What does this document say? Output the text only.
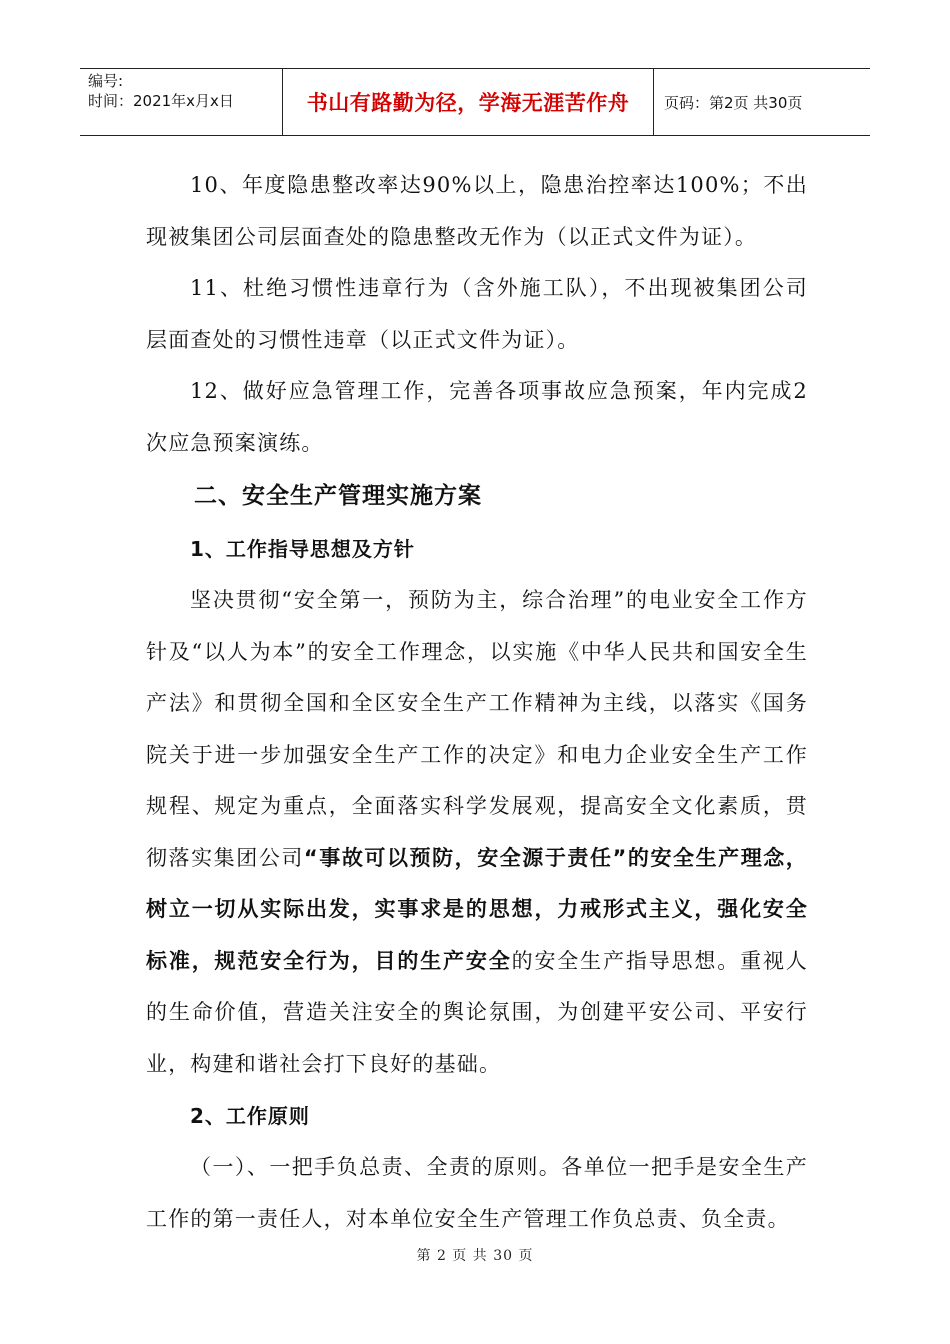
编号:
时间：2021年x月x日	书山有路勤为径，学海无涯苦作舟	页码：第2页 共30页

10、年度隐患整改率达90%以上，隐患治控率达100%；不出现被集团公司层面查处的隐患整改无作为（以正式文件为证）。

11、杜绝习惯性违章行为（含外施工队），不出现被集团公司层面查处的习惯性违章（以正式文件为证）。

12、做好应急管理工作，完善各项事故应急预案，年内完成2次应急预案演练。

二、安全生产管理实施方案
1、工作指导思想及方针

坚决贯彻“安全第一，预防为主，综合治理”的电业安全工作方针及“以人为本”的安全工作理念，以实施《中华人民共和国安全生产法》和贯彻全国和全区安全生产工作精神为主线，以落实《国务院关于进一步加强安全生产工作的决定》和电力企业安全生产工作规程、规定为重点，全面落实科学发展观，提高安全文化素质，贯彻落实集团公司“事故可以预防，安全源于责任”的安全生产理念，树立一切从实际出发，实事求是的思想，力戒形式主义，强化安全标准，规范安全行为，目的生产安全的安全生产指导思想。重视人的生命价值，营造关注安全的舆论氛围，为创建平安公司、平安行业，构建和谐社会打下良好的基础。

2、工作原则

（一）、一把手负总责、全责的原则。各单位一把手是安全生产工作的第一责任人，对本单位安全生产管理工作负总责、负全责。

第 2 页 共 30 页
